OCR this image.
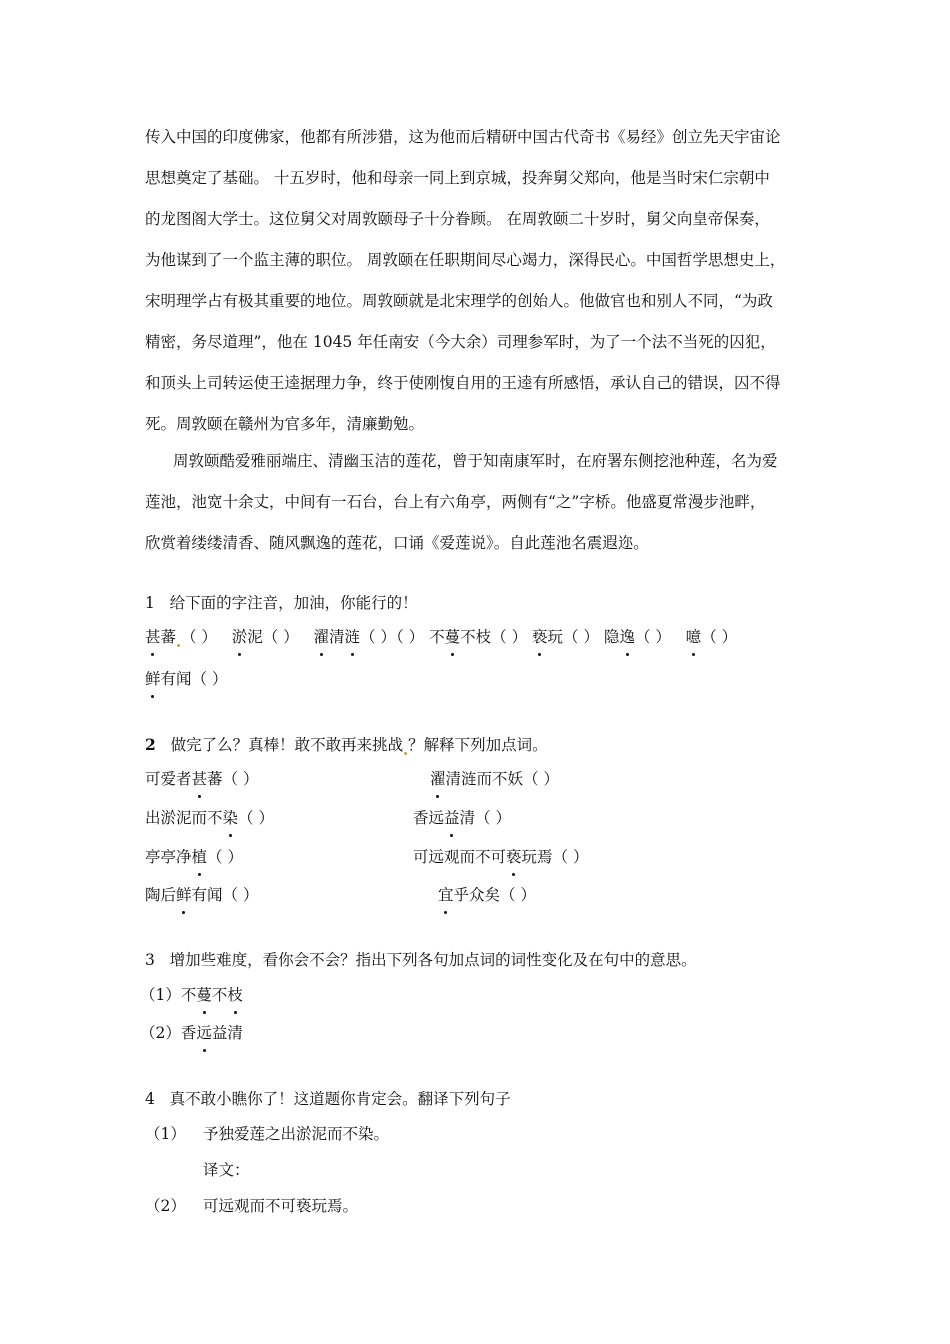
传入中国的印度佛家，他都有所涉猎，这为他而后精研中国古代奇书《易经》创立先天宇宙论
思想奠定了基础。 十五岁时，他和母亲一同上到京城，投奔舅父郑向，他是当时宋仁宗朝中
的龙图阁大学士。这位舅父对周敦颐母子十分眷顾。 在周敦颐二十岁时，舅父向皇帝保奏，
为他谋到了一个监主薄的职位。 周敦颐在任职期间尽心竭力，深得民心。中国哲学思想史上，
宋明理学占有极其重要的地位。周敦颐就是北宋理学的创始人。他做官也和别人不同，“为政
精密，务尽道理”，他在 1045 年任南安（今大余）司理参军时，为了一个法不当死的囚犯，
和顶头上司转运使王逵据理力争，终于使刚愎自用的王逵有所感悟，承认自己的错误，囚不得
死。周敦颐在赣州为官多年，清廉勤勉。
周敦颐酷爱雅丽端庄、清幽玉洁的莲花，曾于知南康军时，在府署东侧挖池种莲，名为爱
莲池，池宽十余丈，中间有一石台，台上有六角亭，两侧有“之”字桥。他盛夏常漫步池畔，
欣赏着缕缕清香、随风飘逸的莲花，口诵《爱莲说》。自此莲池名震遐迩。
1 给下面的字注音，加油，你能行的！
甚蕃 （ ） 淤泥（ ） 濯清涟（ ）（ ） 不蔓不枝（ ） 亵玩（ ） 隐逸（ ） 噫（ ）
鲜有闻（ ）
2 做完了么？真棒！敢不敢再来挑战 ？解释下列加点词。
可爱者甚蕃（ ）
出淤泥而不染（ ）
亭亭净植（ ）
陶后鲜有闻（ ）
濯清涟而不妖（ ）
香远益清（ ）
可远观而不可亵玩焉（ ）
宜乎众矣（ ）
3 增加些难度，看你会不会？指出下列各句加点词的词性变化及在句中的意思。
（1）不蔓不枝
（2）香远益清
4 真不敢小瞧你了！这道题你肯定会。翻译下列句子
（1） 予独爱莲之出淤泥而不染。
译文：
（2） 可远观而不可亵玩焉。
